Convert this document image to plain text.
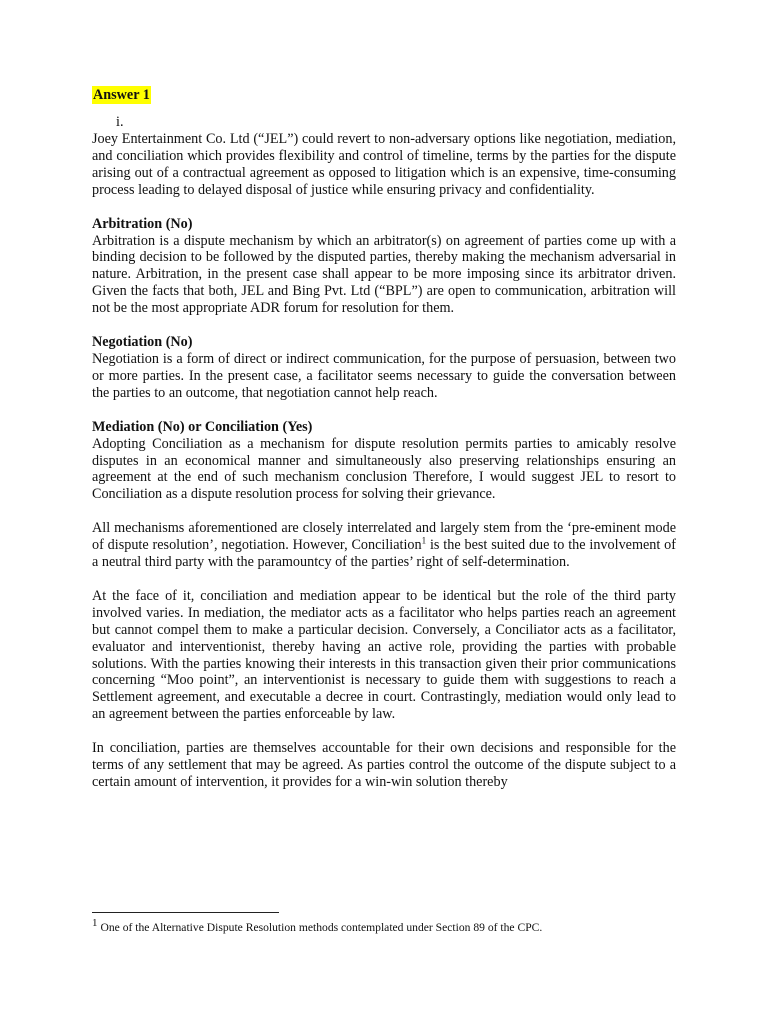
Answer 1
i.

Joey Entertainment Co. Ltd (“JEL”) could revert to non-adversary options like negotiation, mediation, and conciliation which provides flexibility and control of timeline, terms by the parties for the dispute arising out of a contractual agreement as opposed to litigation which is an expensive, time-consuming process leading to delayed disposal of justice while ensuring privacy and confidentiality.

Arbitration (No)

Arbitration is a dispute mechanism by which an arbitrator(s) on agreement of parties come up with a binding decision to be followed by the disputed parties, thereby making the mechanism adversarial in nature. Arbitration, in the present case shall appear to be more imposing since its arbitrator driven. Given the facts that both, JEL and Bing Pvt. Ltd (“BPL”) are open to communication, arbitration will not be the most appropriate ADR forum for resolution for them.

Negotiation (No)

Negotiation is a form of direct or indirect communication, for the purpose of persuasion, between two or more parties. In the present case, a facilitator seems necessary to guide the conversation between the parties to an outcome, that negotiation cannot help reach.

Mediation (No) or Conciliation (Yes)

Adopting Conciliation as a mechanism for dispute resolution permits parties to amicably resolve disputes in an economical manner and simultaneously also preserving relationships ensuring an agreement at the end of such mechanism conclusion Therefore, I would suggest JEL to resort to Conciliation as a dispute resolution process for solving their grievance.

All mechanisms aforementioned are closely interrelated and largely stem from the ‘pre-eminent mode of dispute resolution’, negotiation. However, Conciliation$^1$ is the best suited due to the involvement of a neutral third party with the paramountcy of the parties’ right of self-determination.

At the face of it, conciliation and mediation appear to be identical but the role of the third party involved varies. In mediation, the mediator acts as a facilitator who helps parties reach an agreement but cannot compel them to make a particular decision. Conversely, a Conciliator acts as a facilitator, evaluator and interventionist, thereby having an active role, providing the parties with probable solutions. With the parties knowing their interests in this transaction given their prior communications concerning “Moo point”, an interventionist is necessary to guide them with suggestions to reach a Settlement agreement, and executable a decree in court. Contrastingly, mediation would only lead to an agreement between the parties enforceable by law.

In conciliation, parties are themselves accountable for their own decisions and responsible for the terms of any settlement that may be agreed. As parties control the outcome of the dispute subject to a certain amount of intervention, it provides for a win-win solution thereby

1 One of the Alternative Dispute Resolution methods contemplated under Section 89 of the CPC.
